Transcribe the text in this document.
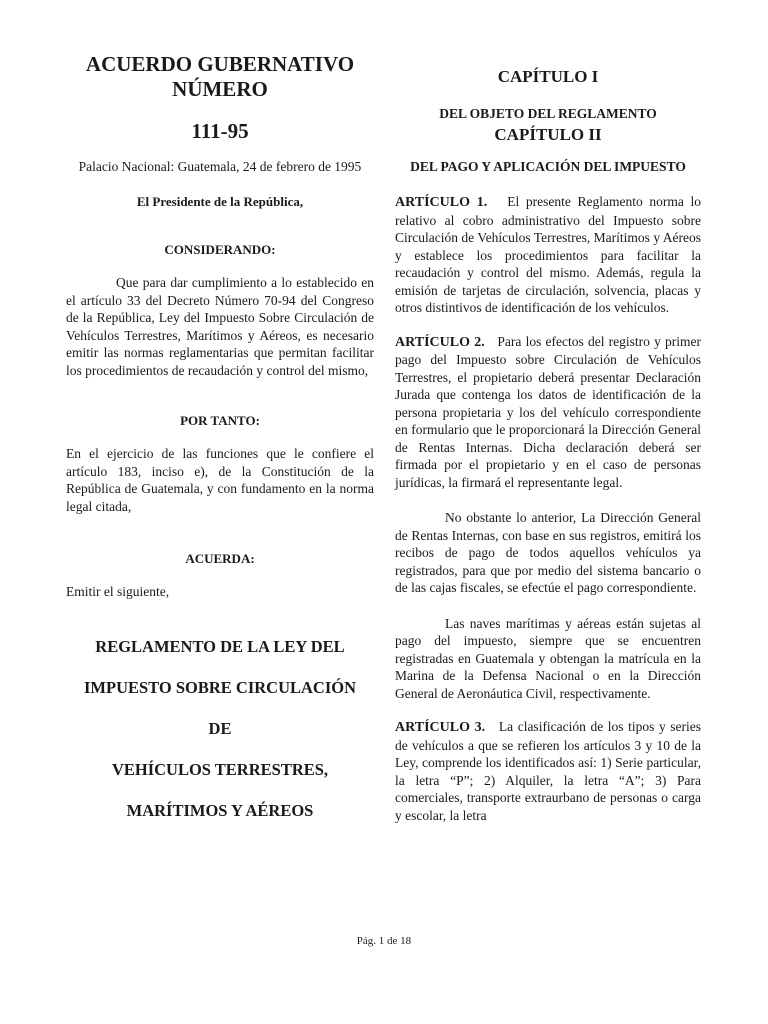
ACUERDO GUBERNATIVO

NÚMERO

111-95

Palacio Nacional: Guatemala, 24 de febrero de 1995

El Presidente de la República,

CONSIDERANDO:

Que para dar cumplimiento a lo establecido en el artículo 33 del Decreto Número 70-94 del Congreso de la República, Ley del Impuesto Sobre Circulación de Vehículos Terrestres, Marítimos y Aéreos, es necesario emitir las normas reglamentarias que permitan facilitar los procedimientos de recaudación y control del mismo,

POR TANTO:

En el ejercicio de las funciones que le confiere el artículo 183, inciso e), de la Constitución de la República de Guatemala, y con fundamento en la norma legal citada,

ACUERDA:

Emitir el siguiente,

REGLAMENTO DE LA LEY DEL

IMPUESTO SOBRE CIRCULACIÓN

DE

VEHÍCULOS TERRESTRES,

MARÍTIMOS Y AÉREOS

CAPÍTULO I

DEL OBJETO DEL REGLAMENTO

CAPÍTULO II

DEL PAGO Y APLICACIÓN DEL IMPUESTO

ARTÍCULO 1. El presente Reglamento norma lo relativo al cobro administrativo del Impuesto sobre Circulación de Vehículos Terrestres, Marítimos y Aéreos y establece los procedimientos para facilitar la recaudación y control del mismo. Además, regula la emisión de tarjetas de circulación, solvencia, placas y otros distintivos de identificación de los vehículos.

ARTÍCULO 2. Para los efectos del registro y primer pago del Impuesto sobre Circulación de Vehículos Terrestres, el propietario deberá presentar Declaración Jurada que contenga los datos de identificación de la persona propietaria y los del vehículo correspondiente en formulario que le proporcionará la Dirección General de Rentas Internas. Dicha declaración deberá ser firmada por el propietario y en el caso de personas jurídicas, la firmará el representante legal.

No obstante lo anterior, La Dirección General de Rentas Internas, con base en sus registros, emitirá los recibos de pago de todos aquellos vehículos ya registrados, para que por medio del sistema bancario o de las cajas fiscales, se efectúe el pago correspondiente.

Las naves marítimas y aéreas están sujetas al pago del impuesto, siempre que se encuentren registradas en Guatemala y obtengan la matrícula en la Marina de la Defensa Nacional o en la Dirección General de Aeronáutica Civil, respectivamente.

ARTÍCULO 3. La clasificación de los tipos y series de vehículos a que se refieren los artículos 3 y 10 de la Ley, comprende los identificados así: 1) Serie particular, la letra “P”; 2) Alquiler, la letra “A”; 3) Para comerciales, transporte extraurbano de personas o carga y escolar, la letra

Pág. 1 de 18
